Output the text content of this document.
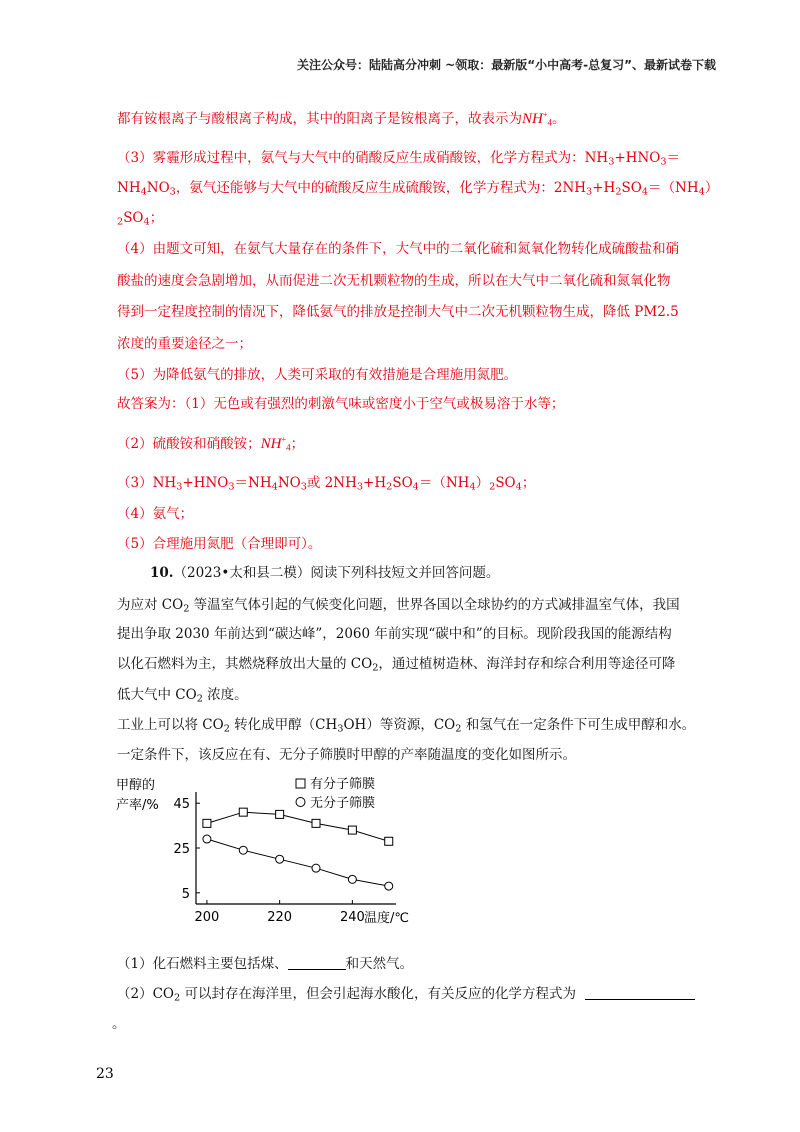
关注公众号：陆陆高分冲刺 ~领取：最新版“小中高考-总复习”、最新试卷下载
都有铵根离子与酸根离子构成，其中的阳离子是铵根离子，故表示为$NH^+_4$。
（3）雾霾形成过程中，氨气与大气中的硝酸反应生成硝酸铵，化学方程式为：$NH_3+HNO_3=$
$NH_4NO_3$，氨气还能够与大气中的硫酸反应生成硫酸铵，化学方程式为：$2NH_3+H_2SO_4=(NH_4)$
$_2SO_4$；
（4）由题文可知，在氨气大量存在的条件下，大气中的二氧化硫和氮氧化物转化成硫酸盐和硝
酸盐的速度会急剧增加，从而促进二次无机颗粒物的生成，所以在大气中二氧化硫和氮氧化物
得到一定程度控制的情况下，降低氨气的排放是控制大气中二次无机颗粒物生成，降低 PM2.5
浓度的重要途径之一；
（5）为降低氨气的排放，人类可采取的有效措施是合理施用氮肥。
故答案为：（1）无色或有强烈的刺激气味或密度小于空气或极易溶于水等；
（2）硫酸铵和硝酸铵；$NH^+_4$；
$(3)NH_3+HNO_3=NH_4NO_3$或 $2NH_3+H_2SO_4=(NH_4)_2SO_4$；
（4）氨气；
（5）合理施用氮肥（合理即可）。
10.（2023•太和县二模）阅读下列科技短文并回答问题。
为应对 $CO_2$ 等温室气体引起的气候变化问题，世界各国以全球协约的方式减排温室气体，我国
提出争取 2030 年前达到“碳达峰”，2060 年前实现“碳中和”的目标。现阶段我国的能源结构
以化石燃料为主，其燃烧释放出大量的 $CO_2$，通过植树造林、海洋封存和综合利用等途径可降
低大气中 $CO_2$ 浓度。
工业上可以将 $CO_2$ 转化成甲醇$(CH_3OH)$等资源，$CO_2$ 和氢气在一定条件下可生成甲醇和水。
一定条件下，该反应在有、无分子筛膜时甲醇的产率随温度的变化如图所示。
甲醇的
产率/%
5
25
45
200	220	240 温度/℃
有分子筛膜
无分子筛膜
（1）化石燃料主要包括煤、	和天然气。
$(2)CO_2$ 可以封存在海洋里，但会引起海水酸化，有关反应的化学方程式为
。
23
